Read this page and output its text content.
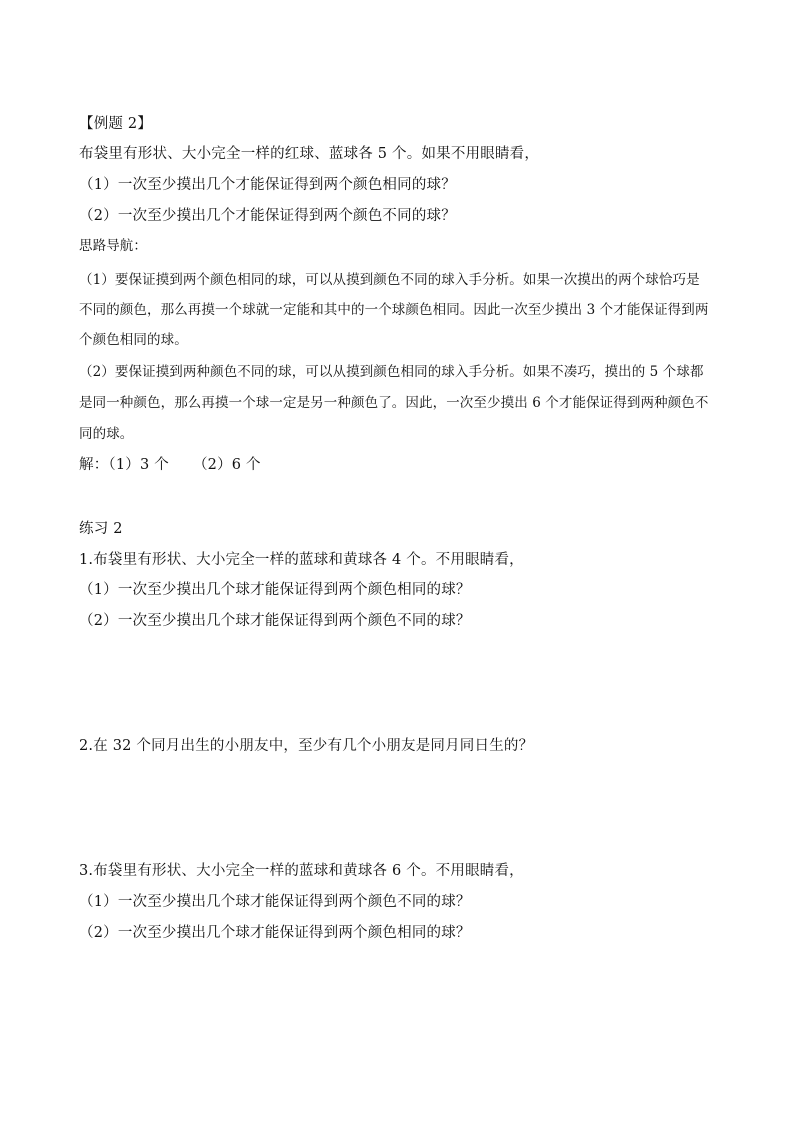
【例题 2】
布袋里有形状、大小完全一样的红球、蓝球各 5 个。如果不用眼睛看，
（1）一次至少摸出几个才能保证得到两个颜色相同的球？
（2）一次至少摸出几个才能保证得到两个颜色不同的球？
思路导航：
（1）要保证摸到两个颜色相同的球，可以从摸到颜色不同的球入手分析。如果一次摸出的两个球恰巧是
不同的颜色，那么再摸一个球就一定能和其中的一个球颜色相同。因此一次至少摸出 3 个才能保证得到两
个颜色相同的球。
（2）要保证摸到两种颜色不同的球，可以从摸到颜色相同的球入手分析。如果不凑巧，摸出的 5 个球都
是同一种颜色，那么再摸一个球一定是另一种颜色了。因此，一次至少摸出 6 个才能保证得到两种颜色不
同的球。
解：（1）3 个     （2）6 个
练习 2
1.布袋里有形状、大小完全一样的蓝球和黄球各 4 个。不用眼睛看，
（1）一次至少摸出几个球才能保证得到两个颜色相同的球？
（2）一次至少摸出几个球才能保证得到两个颜色不同的球？
2.在 32 个同月出生的小朋友中，至少有几个小朋友是同月同日生的？
3.布袋里有形状、大小完全一样的蓝球和黄球各 6 个。不用眼睛看，
（1）一次至少摸出几个球才能保证得到两个颜色不同的球？
（2）一次至少摸出几个球才能保证得到两个颜色相同的球？
